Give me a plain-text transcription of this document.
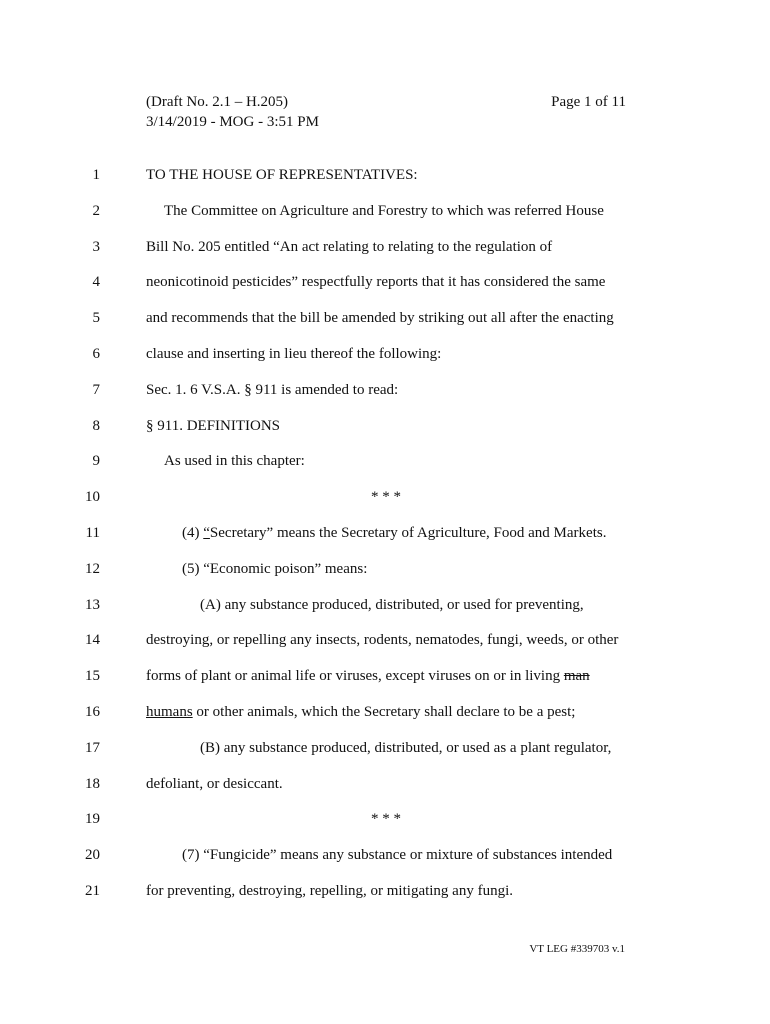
(Draft No. 2.1 – H.205)	Page 1 of 11
3/14/2019 - MOG - 3:51 PM
1	TO THE HOUSE OF REPRESENTATIVES:
2	The Committee on Agriculture and Forestry to which was referred House
3	Bill No. 205 entitled “An act relating to relating to the regulation of
4	neonicotinoid pesticides” respectfully reports that it has considered the same
5	and recommends that the bill be amended by striking out all after the enacting
6	clause and inserting in lieu thereof the following:
7	Sec. 1. 6 V.S.A. § 911 is amended to read:
8	§ 911. DEFINITIONS
9	As used in this chapter:
10	* * *
11	(4) “Secretary” means the Secretary of Agriculture, Food and Markets.
12	(5) “Economic poison” means:
13	(A) any substance produced, distributed, or used for preventing,
14	destroying, or repelling any insects, rodents, nematodes, fungi, weeds, or other
15	forms of plant or animal life or viruses, except viruses on or in living man
16	humans or other animals, which the Secretary shall declare to be a pest;
17	(B) any substance produced, distributed, or used as a plant regulator,
18	defoliant, or desiccant.
19	* * *
20	(7) “Fungicide” means any substance or mixture of substances intended
21	for preventing, destroying, repelling, or mitigating any fungi.
VT LEG #339703 v.1
